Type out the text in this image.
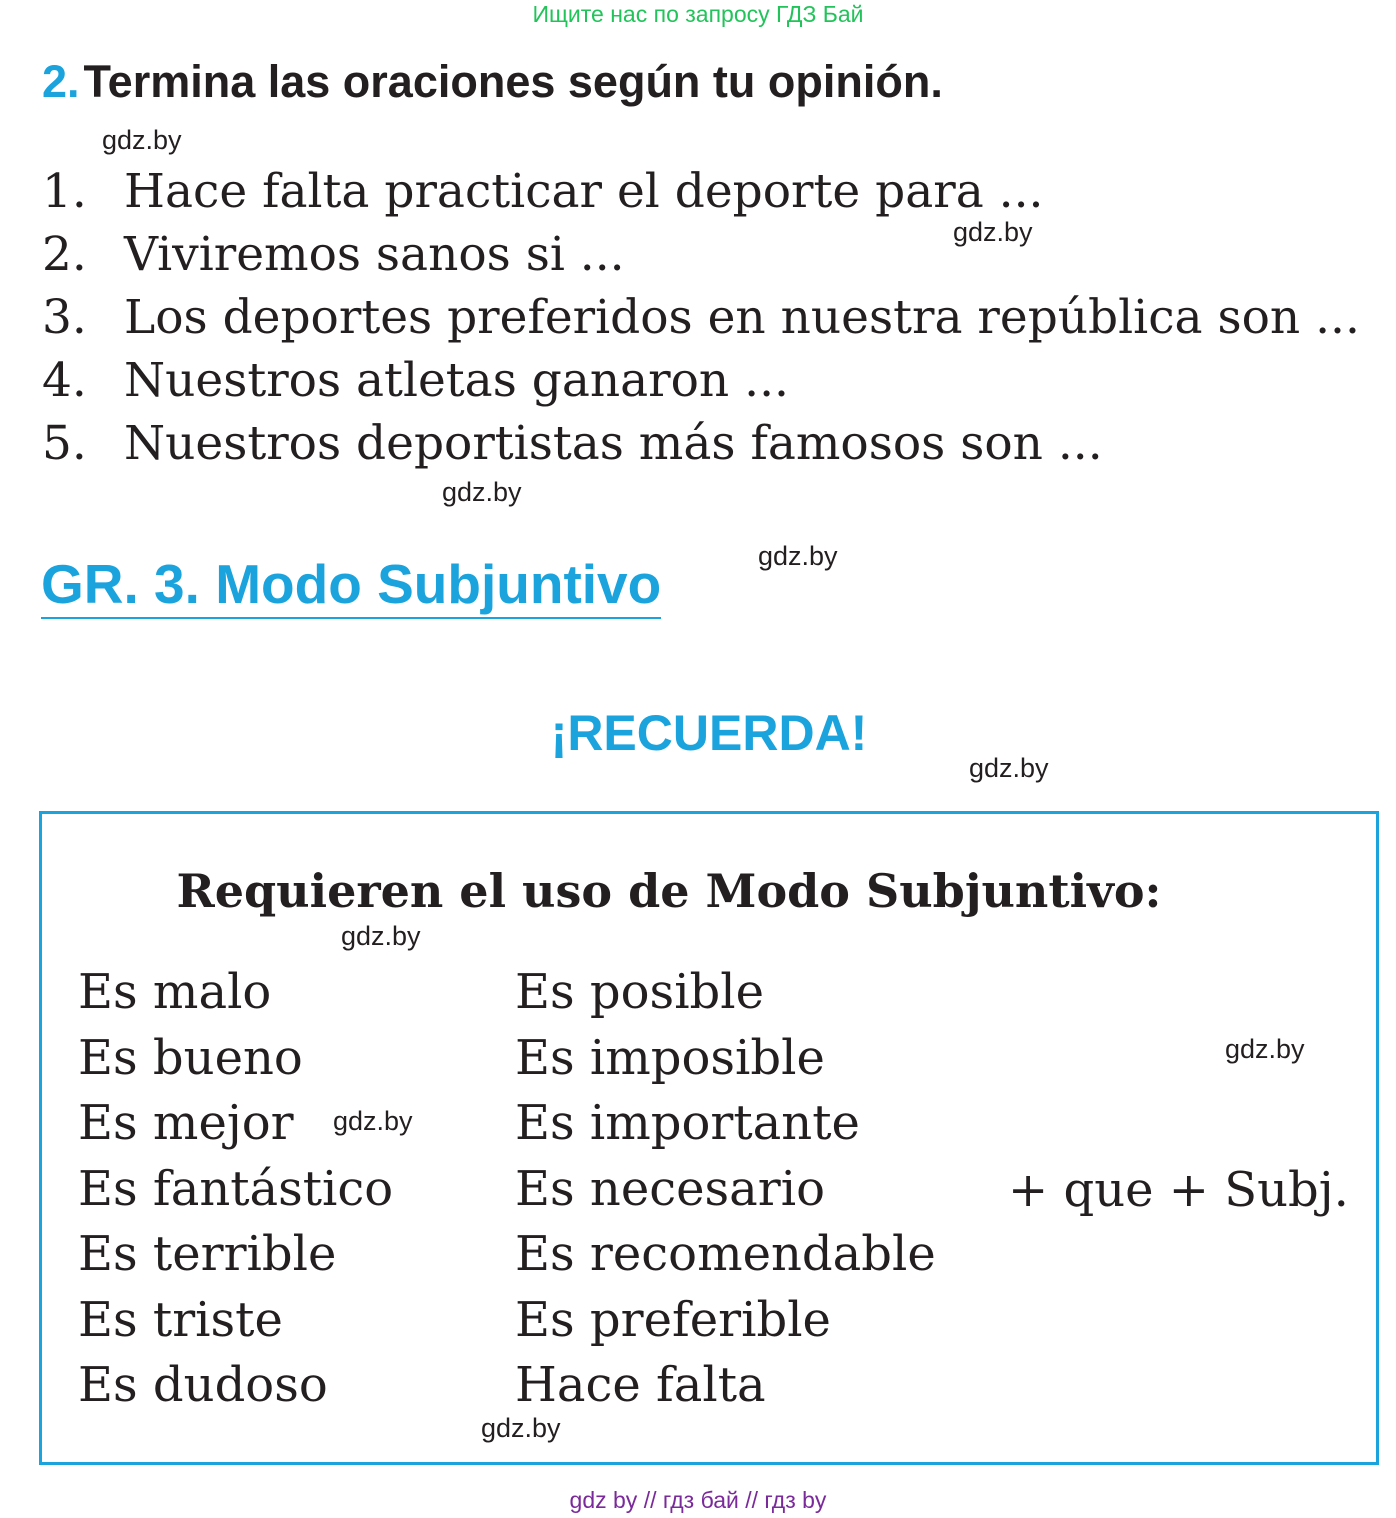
Ищите нас по запросу ГДЗ Бай
2.Termina las oraciones según tu opinión.
gdz.by
1. Hace falta practicar el deporte para ...
2. Viviremos sanos si ...
3. Los deportes preferidos en nuestra república son ...
4. Nuestros atletas ganaron ...
5. Nuestros deportistas más famosos son ...
gdz.by
gdz.by
GR. 3. Modo Subjuntivo	gdz.by
¡RECUERDA!
gdz.by
Requieren el uso de Modo Subjuntivo:
gdz.by
Es malo
Es bueno
Es mejor
Es fantástico
Es terrible
Es triste
Es dudoso
Es posible
Es imposible
Es importante
Es necesario
Es recomendable
Es preferible
Hace falta
+ que + Subj.
gdz.by
gdz.by
gdz.by
gdz by // гдз бай // гдз by
